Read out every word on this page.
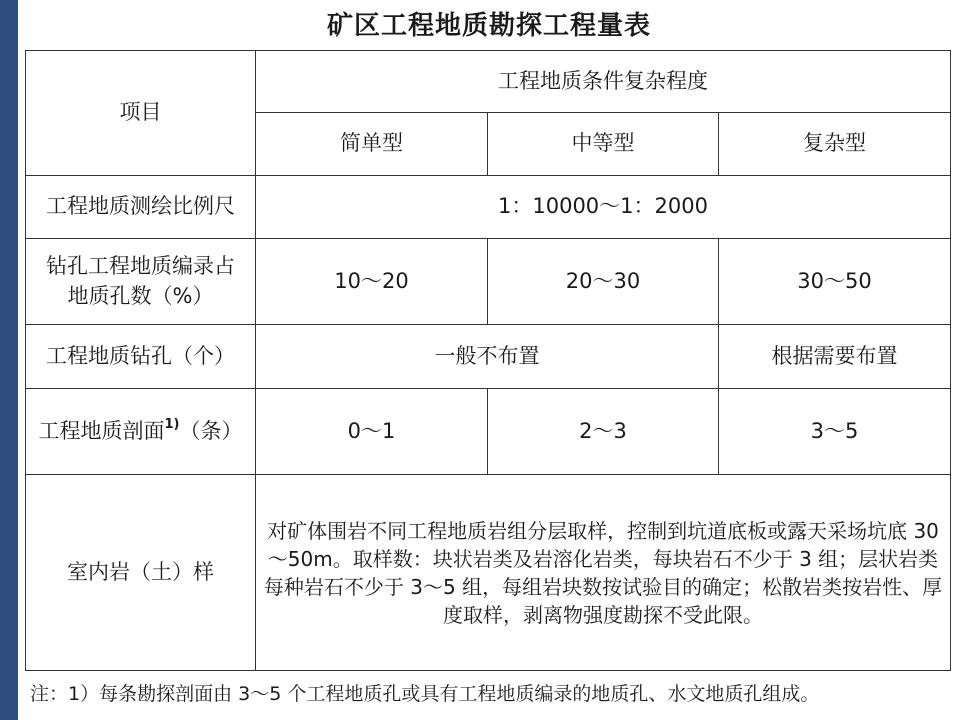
矿区工程地质勘探工程量表
项目	工程地质条件复杂程度		
	简单型	中等型	复杂型
工程地质测绘比例尺	1：10000～1：2000		

钻孔工程地质编录占
地质孔数（%）	10～20	20～30	30～50
工程地质钻孔（个）	一般不布置		根据需要布置
工程地质剖面$^{1)}$（条）	0～1	2～3	3～5
室内岩（土）样	对矿体围岩不同工程地质岩组分层取样，控制到坑道底板或露天采场坑底 30～50m。取样数：块状岩类及岩溶化岩类，每块岩石不少于 3 组；层状岩类每种岩石不少于 3～5 组，每组岩块数按试验目的确定；松散岩类按岩性、厚度取样，剥离物强度勘探不受此限。		
注：1）每条勘探剖面由 3～5 个工程地质孔或具有工程地质编录的地质孔、水文地质孔组成。
